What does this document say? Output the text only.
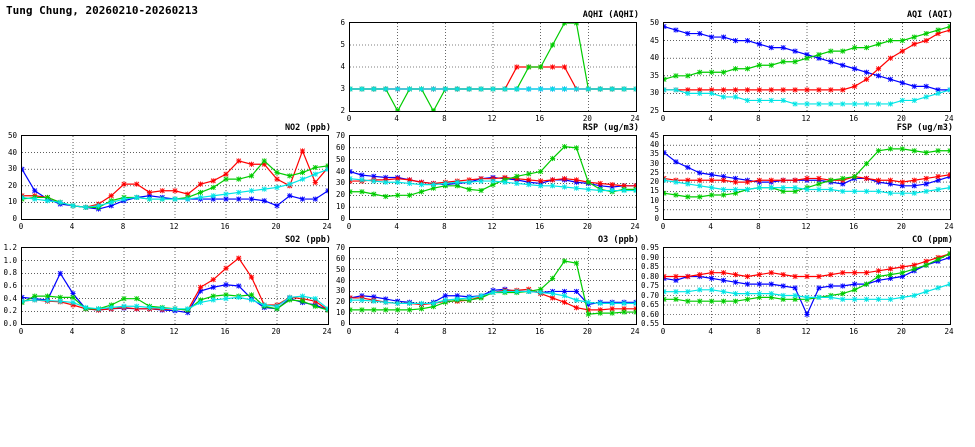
Tung Chung, 20260210-20260213	AQHI (AQHI)
2
3
4
5
6
0	4	8	12	16	20	24
AQI (AQI)
25
30
35
40
45
50
0	4	8	12	16	20	24
NO2 (ppb)
0
10
20
30
40
50
0	4	8	12	16	20	24
RSP (ug/m3)
0
10
20
30
40
50
60
70
0	4	8	12	16	20	24
FSP (ug/m3)
0
5
10
15
20
25
30
35
40
45
0	4	8	12	16	20	24
SO2 (ppb)
0.0
0.2
0.4
0.6
0.8
1.0
1.2
0	4	8	12	16	20	24
O3 (ppb)
0
10
20
30
40
50
60
70
0	4	8	12	16	20	24
CO (ppm)
0.55
0.60
0.65
0.70
0.75
0.80
0.85
0.90
0.95
0	4	8	12	16	20	24
